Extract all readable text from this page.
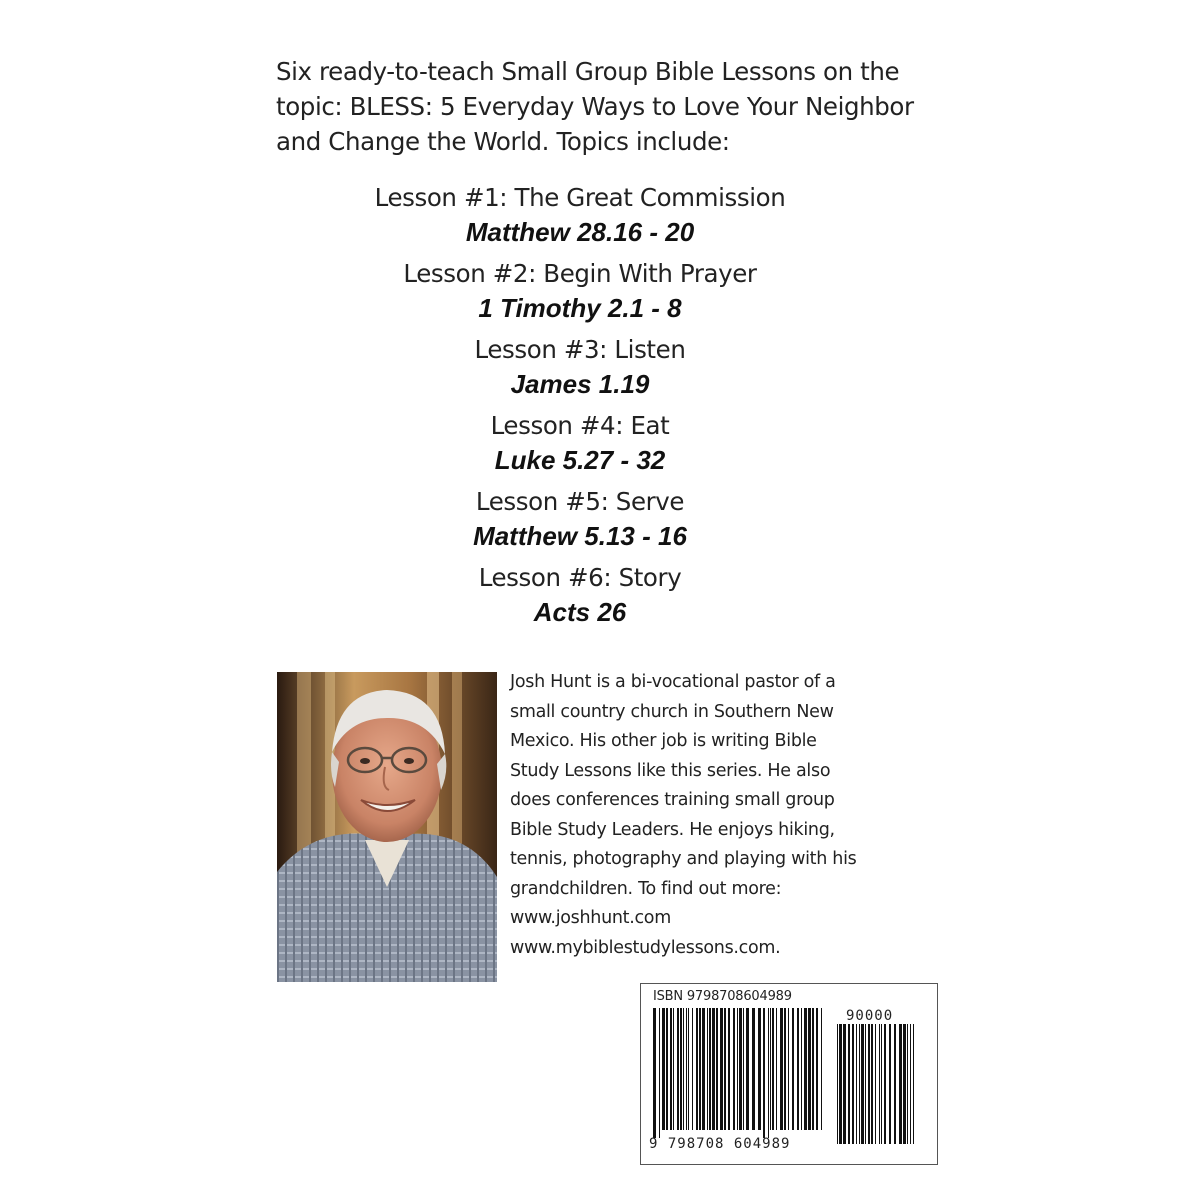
Six ready-to-teach Small Group Bible Lessons on the

topic: BLESS: 5 Everyday Ways to Love Your Neighbor

and Change the World. Topics include:

Lesson #1: The Great Commission
Matthew 28.16 - 20
Lesson #2: Begin With Prayer
1 Timothy 2.1 - 8
Lesson #3: Listen
James 1.19
Lesson #4: Eat
Luke 5.27 - 32
Lesson #5: Serve
Matthew 5.13 - 16
Lesson #6: Story
Acts 26

Josh Hunt is a bi-vocational pastor of a

small country church in Southern New

Mexico. His other job is writing Bible

Study Lessons like this series. He also

does conferences training small group

Bible Study Leaders. He enjoys hiking,

tennis, photography and playing with his

grandchildren. To find out more:

www.joshhunt.com

www.mybiblestudylessons.com.

ISBN 9798708604989
9 798708 604989
90000
